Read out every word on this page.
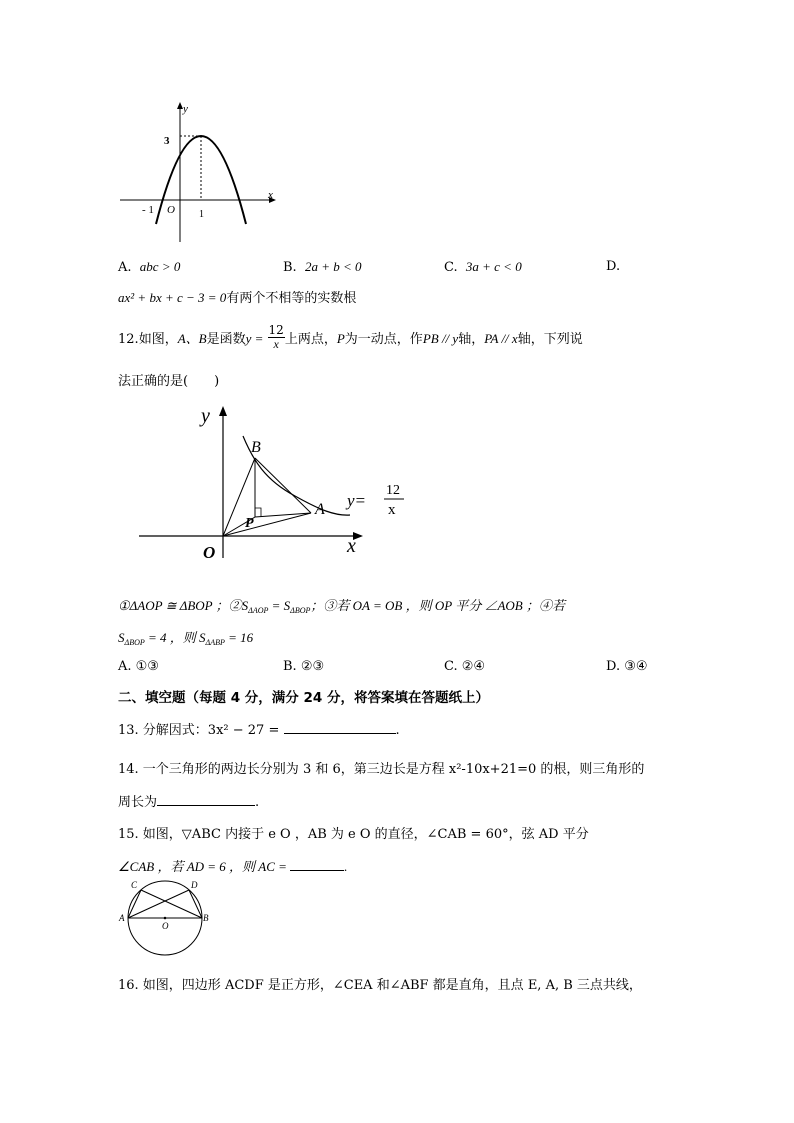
y
x
3
- 1 O 1
A. abc > 0	B. 2a + b < 0	C. 3a + c < 0	D.
ax² + bx + c − 3 = 0有两个不相等的实数根
12.如图，A、B是函数$y = \frac{12}{x}$ 上两点，P为一动点，作PB // y轴，PA // x轴，下列说
法正确的是(　　)
y
x
O
B
A
P
y=
12
x
①ΔAOP ≅ ΔBOP ；$②S_{\Delta AOP} = S_{\Delta BOP}$；③若 OA = OB ，则 OP 平分 ∠AOB ；④若
$S_{\Delta BOP} = 4$ ，则 $S_{\Delta ABP} = 16$
A. ①③	B. ②③	C. ②④	D. ③④
二、填空题（每题 4 分，满分 24 分，将答案填在答题纸上）
13. 分解因式：3x² − 27 =	.
14. 一个三角形的两边长分别为 3 和 6，第三边长是方程 x²-10x+21=0 的根，则三角形的
周长为	.
15. 如图，▽ABC 内接于 e O ，AB 为 e O 的直径，∠CAB = 60°，弦 AD 平分
∠CAB ，若 AD = 6 ，则 AC =	.
C	D
A	B
O
16. 如图，四边形 ACDF 是正方形，∠CEA 和∠ABF 都是直角，且点 E, A, B 三点共线，
